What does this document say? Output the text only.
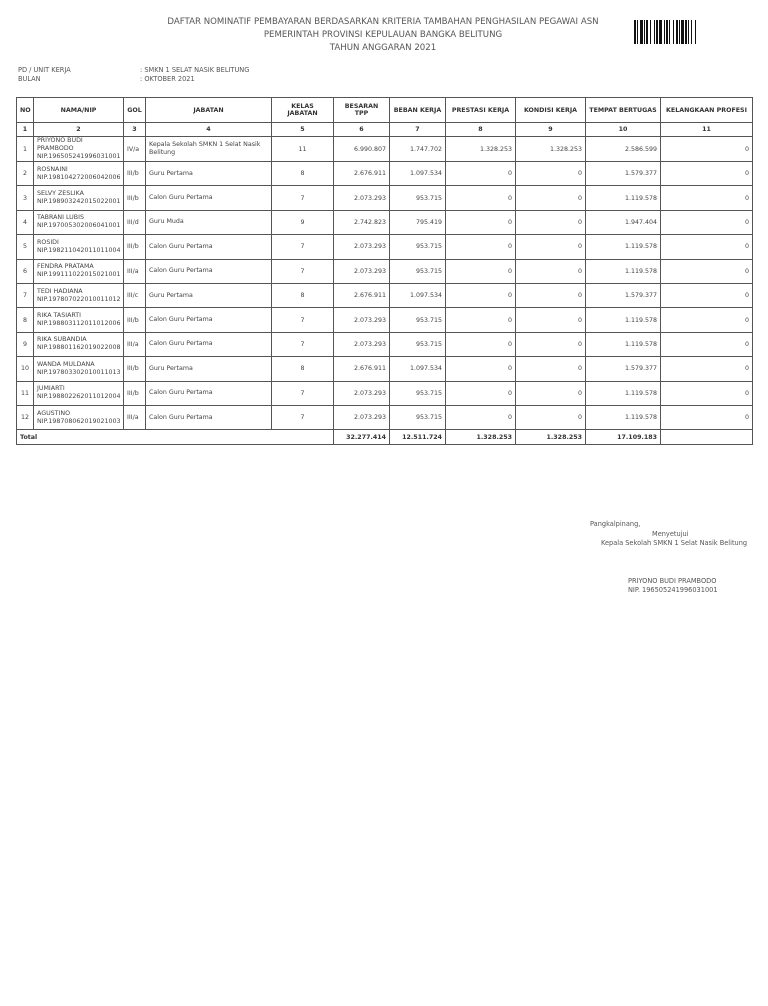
DAFTAR NOMINATIF PEMBAYARAN BERDASARKAN KRITERIA TAMBAHAN PENGHASILAN PEGAWAI ASN
PEMERINTAH PROVINSI KEPULAUAN BANGKA BELITUNG
TAHUN ANGGARAN 2021
PD / UNIT KERJA	: SMKN 1 SELAT NASIK BELITUNG
BULAN	: OKTOBER 2021
NO	NAMA/NIP	GOL	JABATAN	KELAS JABATAN	BESARAN TPP	BEBAN KERJA	PRESTASI KERJA	KONDISI KERJA	TEMPAT BERTUGAS	KELANGKAAN PROFESI
1	2	3	4	5	6	7	8	9	10	11
1	PRIYONO BUDI PRAMBODO
NIP.196505241996031001	IV/a	Kepala Sekolah SMKN 1 Selat Nasik Belitung	11	6.990.807	1.747.702	1.328.253	1.328.253	2.586.599	0
2	ROSNAINI
NIP.198104272006042006	III/b	Guru Pertama	8	2.676.911	1.097.534	0	0	1.579.377	0
3	SELVY ZESLIKA
NIP.198903242015022001	III/b	Calon Guru Pertama	7	2.073.293	953.715	0	0	1.119.578	0
4	TABRANI LUBIS
NIP.197005302006041001	III/d	Guru Muda	9	2.742.823	795.419	0	0	1.947.404	0
5	ROSIDI
NIP.198211042011011004	III/b	Calon Guru Pertama	7	2.073.293	953.715	0	0	1.119.578	0
6	FENDRA PRATAMA
NIP.199111022015021001	III/a	Calon Guru Pertama	7	2.073.293	953.715	0	0	1.119.578	0
7	TEDI HADIANA
NIP.197807022010011012	III/c	Guru Pertama	8	2.676.911	1.097.534	0	0	1.579.377	0
8	RIKA TASIARTI
NIP.198803112011012006	III/b	Calon Guru Pertama	7	2.073.293	953.715	0	0	1.119.578	0
9	RIKA SUBANDIA
NIP.198801162019022008	III/a	Calon Guru Pertama	7	2.073.293	953.715	0	0	1.119.578	0
10	WANDA MULDANA
NIP.197803302010011013	III/b	Guru Pertama	8	2.676.911	1.097.534	0	0	1.579.377	0
11	JUMIARTI
NIP.198802262011012004	III/b	Calon Guru Pertama	7	2.073.293	953.715	0	0	1.119.578	0
12	AGUSTINO
NIP.198708062019021003	III/a	Calon Guru Pertama	7	2.073.293	953.715	0	0	1.119.578	0
Total					32.277.414	12.511.724	1.328.253	1.328.253	17.109.183	
Pangkalpinang,
Menyetujui
Kepala Sekolah SMKN 1 Selat Nasik Belitung
PRIYONO BUDI PRAMBODO
NIP. 196505241996031001
